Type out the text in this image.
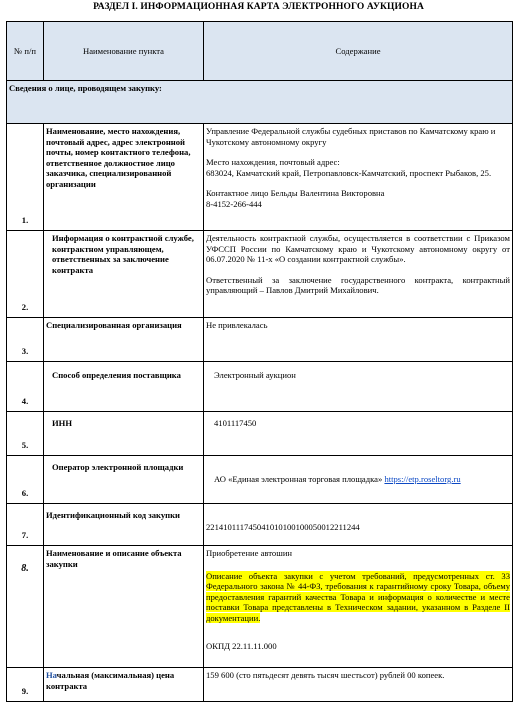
РАЗДЕЛ I. ИНФОРМАЦИОННАЯ КАРТА ЭЛЕКТРОННОГО АУКЦИОНА
№ п/п	Наименование пункта	Содержание
Сведения о лице, проводящем закупку:		

1.	Наименование, место нахождения, почтовый адрес, адрес электронной почты, номер контактного телефона, ответственное должностное лицо заказчика, специализированной организации	Управление Федеральной службы судебных приставов по Камчатскому краю и Чукотскому автономному округу
Место нахождения, почтовый адрес:
683024, Камчатский край, Петропавловск-Камчатский, проспект Рыбаков, 25.
Контактное лицо Бельды Валентина Викторовна
8-4152-266-444

2.	Информация о контрактной службе, контрактном управляющем, ответственных за заключение контракта	Деятельность контрактной службы, осуществляется в соответствии с Приказом УФССП России по Камчатскому краю и Чукотскому автономному округу от 06.07.2020 № 11-х «О создании контрактной службы».
Ответственный за заключение государственного контракта, контрактный управляющий – Павлов Дмитрий Михайлович.

3.	Специализированная организация	Не привлекалась

4.	Способ определения поставщика	Электронный аукцион

5.	ИНН	4101117450

6.	Оператор электронной площадки	АО «Единая электронная торговая площадка» https://etp.roseltorg.ru

7.	Идентификационный код закупки	221410111745041010100100050012211244

8.	Наименование и описание объекта закупки	Приобретение автошин
Описание объекта закупки с учетом требований, предусмотренных ст. 33 Федерального закона № 44-ФЗ, требования к гарантийному сроку Товара, объему предоставления гарантий качества Товара и информация о количестве и месте поставки Товара представлены в Техническом задании, указанном в Разделе II документации.
ОКПД 22.11.11.000

9.	Начальная (максимальная) цена контракта	159 600 (сто пятьдесят девять тысяч шестьсот) рублей 00 копеек.
